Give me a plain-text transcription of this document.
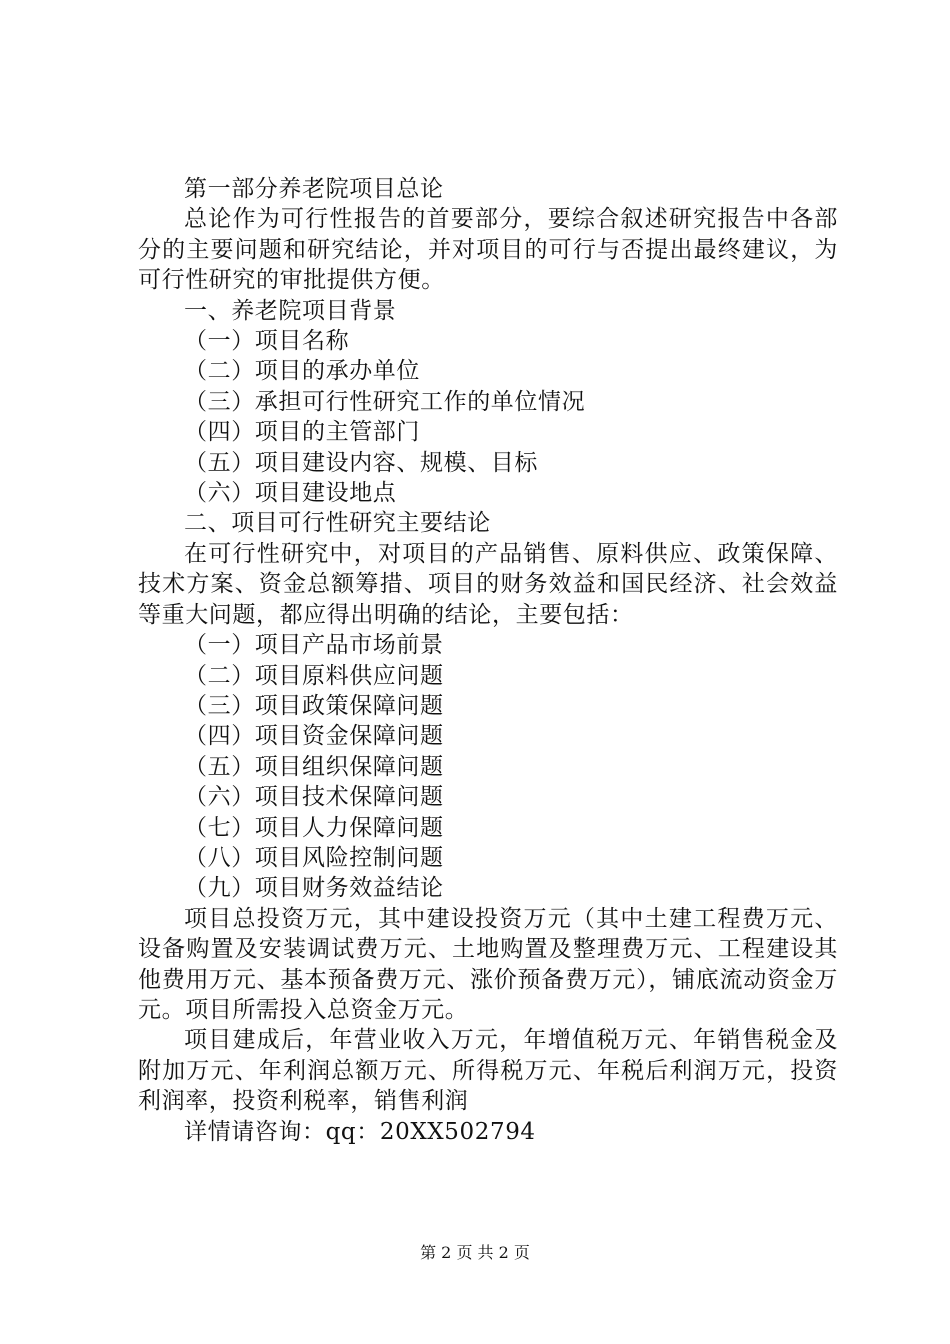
第一部分养老院项目总论

总论作为可行性报告的首要部分，要综合叙述研究报告中各部分的主要问题和研究结论，并对项目的可行与否提出最终建议，为可行性研究的审批提供方便。

一、养老院项目背景

（一）项目名称

（二）项目的承办单位

（三）承担可行性研究工作的单位情况

（四）项目的主管部门

（五）项目建设内容、规模、目标

（六）项目建设地点

二、项目可行性研究主要结论

在可行性研究中，对项目的产品销售、原料供应、政策保障、技术方案、资金总额筹措、项目的财务效益和国民经济、社会效益等重大问题，都应得出明确的结论，主要包括：

（一）项目产品市场前景

（二）项目原料供应问题

（三）项目政策保障问题

（四）项目资金保障问题

（五）项目组织保障问题

（六）项目技术保障问题

（七）项目人力保障问题

（八）项目风险控制问题

（九）项目财务效益结论

项目总投资万元，其中建设投资万元（其中土建工程费万元、设备购置及安装调试费万元、土地购置及整理费万元、工程建设其他费用万元、基本预备费万元、涨价预备费万元），铺底流动资金万元。项目所需投入总资金万元。

项目建成后，年营业收入万元，年增值税万元、年销售税金及附加万元、年利润总额万元、所得税万元、年税后利润万元，投资利润率，投资利税率，销售利润

详情请咨询：qq：20XX502794

第 2 页 共 2 页
